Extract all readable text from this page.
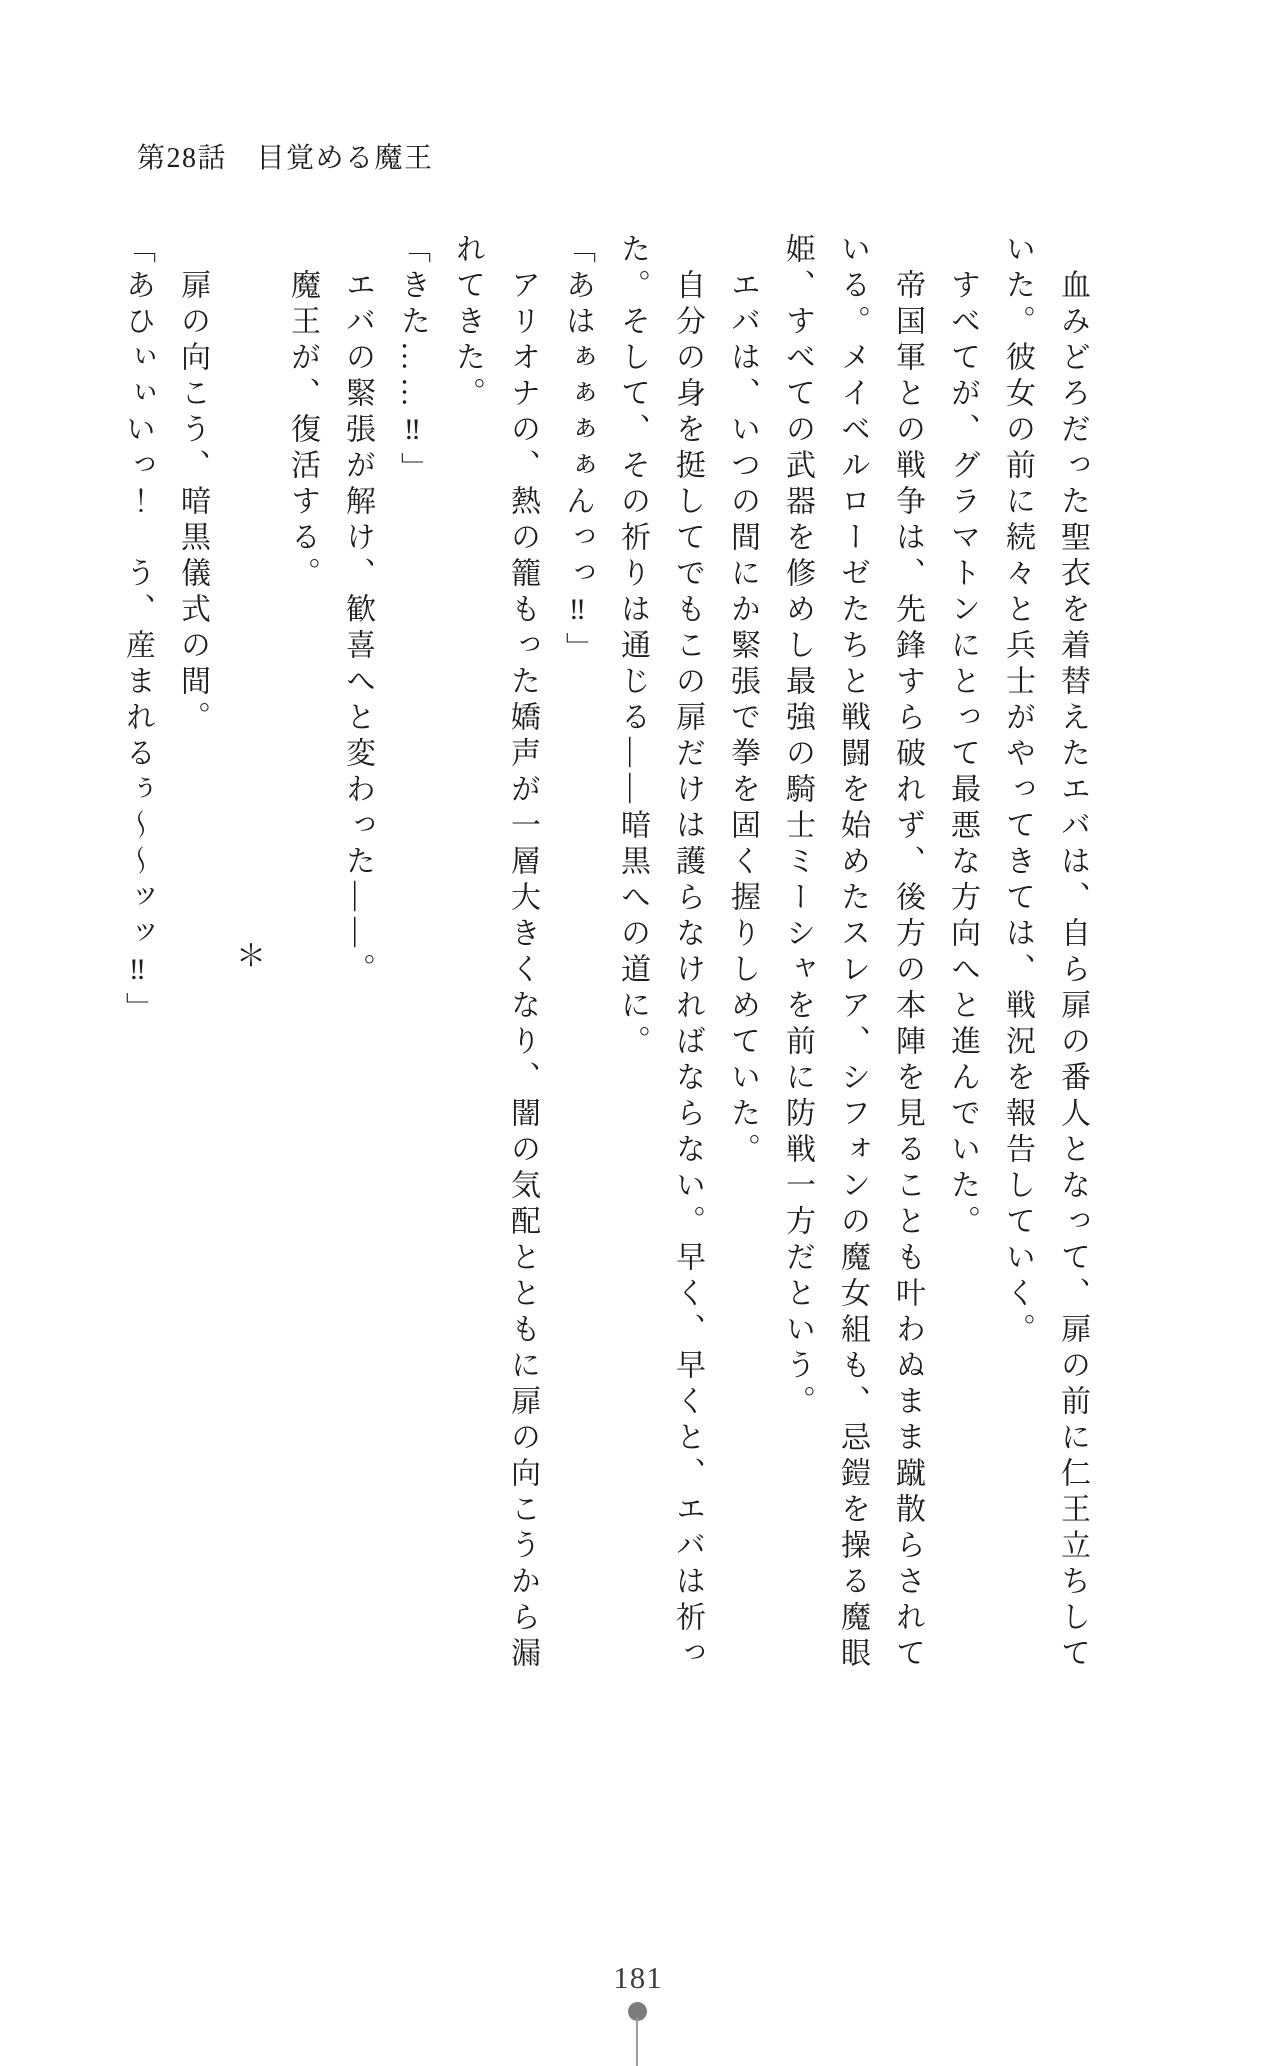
第28話　目覚める魔王

　血みどろだった聖衣を着替えたエバは、自ら扉の番人となって、扉の前に仁王立ちしていた。彼女の前に続々と兵士がやってきては、戦況を報告していく。

　すべてが、グラマトンにとって最悪な方向へと進んでいた。

　帝国軍との戦争は、先鋒すら破れず、後方の本陣を見ることも叶わぬまま蹴散らされている。メイベルローゼたちと戦闘を始めたスレア、シフォンの魔女組も、忌鎧を操る魔眼姫、すべての武器を修めし最強の騎士ミーシャを前に防戦一方だという。

　エバは、いつの間にか緊張で拳を固く握りしめていた。

　自分の身を挺してでもこの扉だけは護らなければならない。早く、早くと、エバは祈った。そして、その祈りは通じる――暗黒への道に。

「あはぁぁぁぁんっっ‼」

　アリオナの、熱の籠もった嬌声が一層大きくなり、闇の気配とともに扉の向こうから漏れてきた。

「きた……‼」

　エバの緊張が解け、歓喜へと変わった――。

　魔王が、復活する。

＊

　扉の向こう、暗黒儀式の間。

「あひぃぃいっ！　う、産まれるぅ～～ッッ‼」

181
